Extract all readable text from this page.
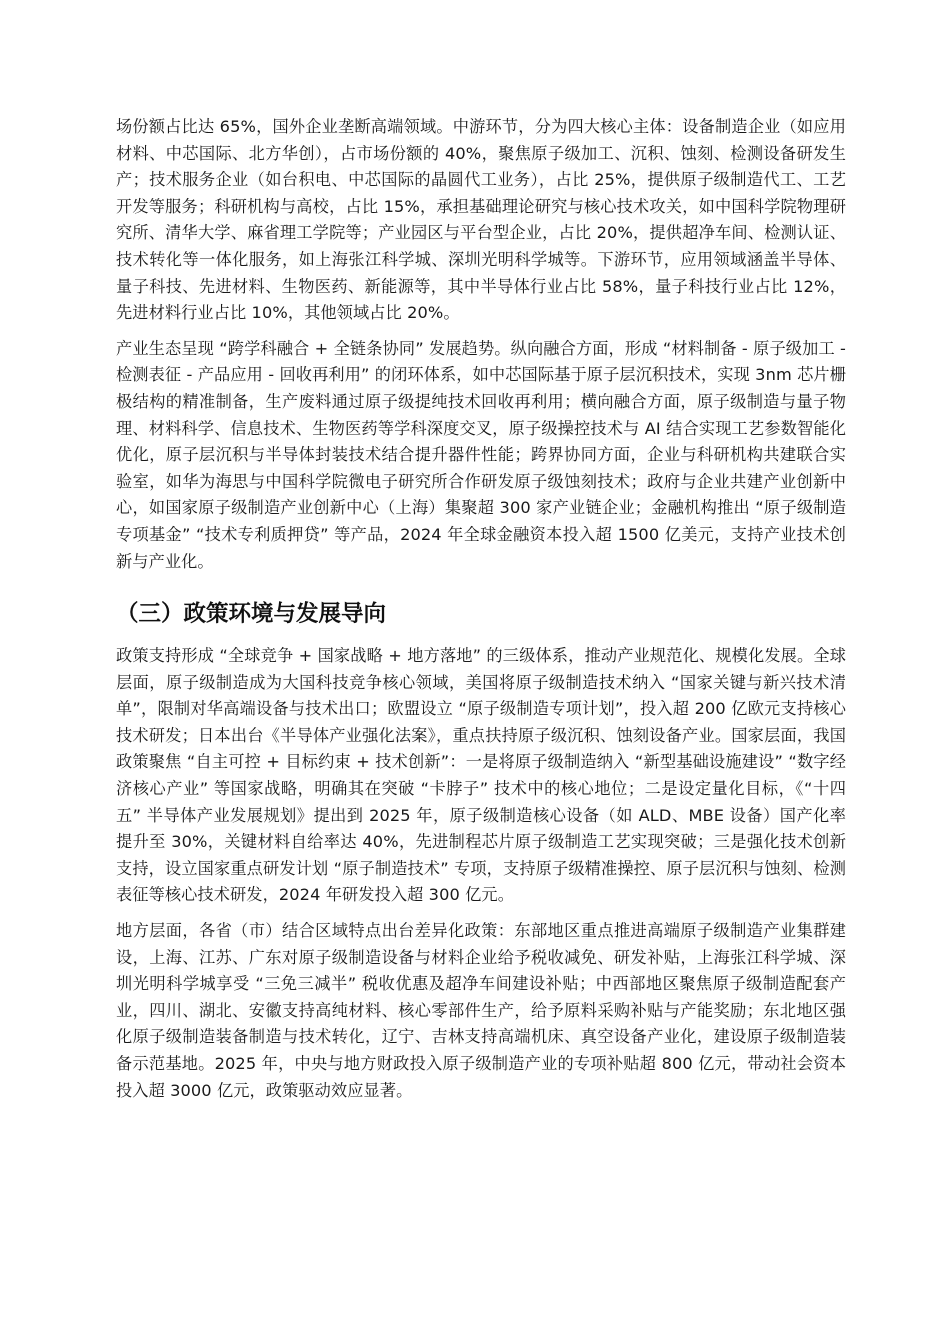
场份额占比达 65%，国外企业垄断高端领域。中游环节，分为四大核心主体：设备制造企业（如应用材料、中芯国际、北方华创），占市场份额的 40%，聚焦原子级加工、沉积、蚀刻、检测设备研发生产；技术服务企业（如台积电、中芯国际的晶圆代工业务），占比 25%，提供原子级制造代工、工艺开发等服务；科研机构与高校，占比 15%，承担基础理论研究与核心技术攻关，如中国科学院物理研究所、清华大学、麻省理工学院等；产业园区与平台型企业，占比 20%，提供超净车间、检测认证、技术转化等一体化服务，如上海张江科学城、深圳光明科学城等。下游环节，应用领域涵盖半导体、量子科技、先进材料、生物医药、新能源等，其中半导体行业占比 58%，量子科技行业占比 12%，先进材料行业占比 10%，其他领域占比 20%。

产业生态呈现 “跨学科融合 + 全链条协同” 发展趋势。纵向融合方面，形成 “材料制备 - 原子级加工 - 检测表征 - 产品应用 - 回收再利用” 的闭环体系，如中芯国际基于原子层沉积技术，实现 3nm 芯片栅极结构的精准制备，生产废料通过原子级提纯技术回收再利用；横向融合方面，原子级制造与量子物理、材料科学、信息技术、生物医药等学科深度交叉，原子级操控技术与 AI 结合实现工艺参数智能化优化，原子层沉积与半导体封装技术结合提升器件性能；跨界协同方面，企业与科研机构共建联合实验室，如华为海思与中国科学院微电子研究所合作研发原子级蚀刻技术；政府与企业共建产业创新中心，如国家原子级制造产业创新中心（上海）集聚超 300 家产业链企业；金融机构推出 “原子级制造专项基金” “技术专利质押贷” 等产品，2024 年全球金融资本投入超 1500 亿美元，支持产业技术创新与产业化。

（三）政策环境与发展导向

政策支持形成 “全球竞争 + 国家战略 + 地方落地” 的三级体系，推动产业规范化、规模化发展。全球层面，原子级制造成为大国科技竞争核心领域，美国将原子级制造技术纳入 “国家关键与新兴技术清单”，限制对华高端设备与技术出口；欧盟设立 “原子级制造专项计划”，投入超 200 亿欧元支持核心技术研发；日本出台《半导体产业强化法案》，重点扶持原子级沉积、蚀刻设备产业。国家层面，我国政策聚焦 “自主可控 + 目标约束 + 技术创新”：一是将原子级制造纳入 “新型基础设施建设” “数字经济核心产业” 等国家战略，明确其在突破 “卡脖子” 技术中的核心地位；二是设定量化目标，《“十四五” 半导体产业发展规划》提出到 2025 年，原子级制造核心设备（如 ALD、MBE 设备）国产化率提升至 30%，关键材料自给率达 40%，先进制程芯片原子级制造工艺实现突破；三是强化技术创新支持，设立国家重点研发计划 “原子制造技术” 专项，支持原子级精准操控、原子层沉积与蚀刻、检测表征等核心技术研发，2024 年研发投入超 300 亿元。

地方层面，各省（市）结合区域特点出台差异化政策：东部地区重点推进高端原子级制造产业集群建设，上海、江苏、广东对原子级制造设备与材料企业给予税收减免、研发补贴，上海张江科学城、深圳光明科学城享受 “三免三减半” 税收优惠及超净车间建设补贴；中西部地区聚焦原子级制造配套产业，四川、湖北、安徽支持高纯材料、核心零部件生产，给予原料采购补贴与产能奖励；东北地区强化原子级制造装备制造与技术转化，辽宁、吉林支持高端机床、真空设备产业化，建设原子级制造装备示范基地。2025 年，中央与地方财政投入原子级制造产业的专项补贴超 800 亿元，带动社会资本投入超 3000 亿元，政策驱动效应显著。
